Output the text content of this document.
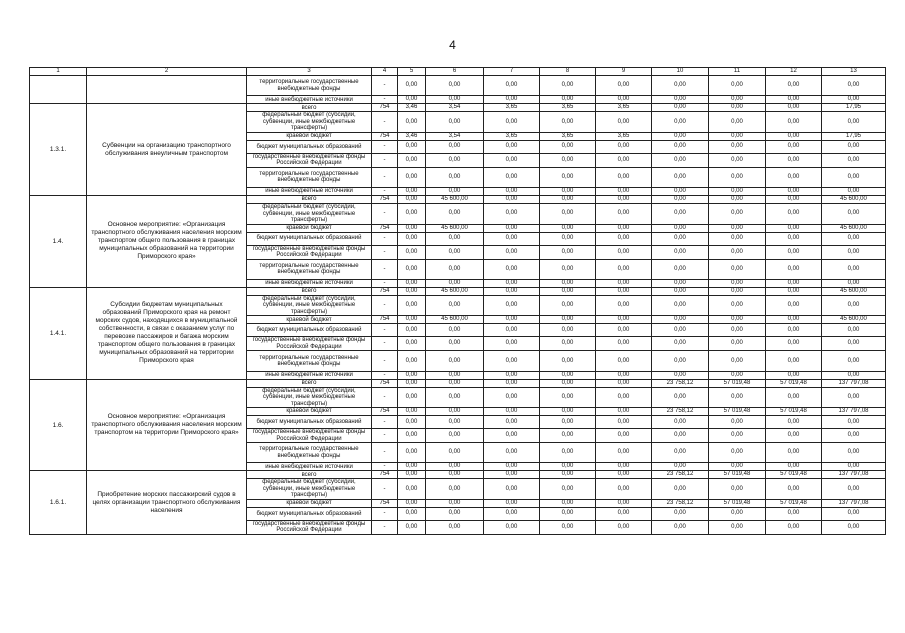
4
1	2	3	4	5	6	7	8	9	10	11	12	13
		территориальные государственные внебюджетные фонды	-	0,00	0,00	0,00	0,00	0,00	0,00	0,00	0,00	0,00
		иные внебюджетные источники	-	0,00	0,00	0,00	0,00	0,00	0,00	0,00	0,00	0,00
1.3.1.	Субвенции на организацию транспортного обслуживания внеуличным транспортом	всего	754	3,46	3,54	3,65	3,65	3,65	0,00	0,00	0,00	17,95
		федеральный бюджет (субсидии, субвенции, иные межбюджетные трансферты)	-	0,00	0,00	0,00	0,00	0,00	0,00	0,00	0,00	0,00
		краевой бюджет	754	3,46	3,54	3,65	3,65	3,65	0,00	0,00	0,00	17,95
		бюджет муниципальных образований	-	0,00	0,00	0,00	0,00	0,00	0,00	0,00	0,00	0,00
		государственные внебюджетные фонды Российской Федерации	-	0,00	0,00	0,00	0,00	0,00	0,00	0,00	0,00	0,00
		территориальные государственные внебюджетные фонды	-	0,00	0,00	0,00	0,00	0,00	0,00	0,00	0,00	0,00
		иные внебюджетные источники	-	0,00	0,00	0,00	0,00	0,00	0,00	0,00	0,00	0,00
1.4.	Основное мероприятие: «Организация транспортного обслуживания населения морским транспортом общего пользования в границах муниципальных образований на территории Приморского края»	всего	754	0,00	45 600,00	0,00	0,00	0,00	0,00	0,00	0,00	45 600,00
		федеральный бюджет (субсидии, субвенции, иные межбюджетные трансферты)	-	0,00	0,00	0,00	0,00	0,00	0,00	0,00	0,00	0,00
		краевой бюджет	754	0,00	45 600,00	0,00	0,00	0,00	0,00	0,00	0,00	45 600,00
		бюджет муниципальных образований	-	0,00	0,00	0,00	0,00	0,00	0,00	0,00	0,00	0,00
		государственные внебюджетные фонды Российской Федерации	-	0,00	0,00	0,00	0,00	0,00	0,00	0,00	0,00	0,00
		территориальные государственные внебюджетные фонды	-	0,00	0,00	0,00	0,00	0,00	0,00	0,00	0,00	0,00
		иные внебюджетные источники	-	0,00	0,00	0,00	0,00	0,00	0,00	0,00	0,00	0,00
1.4.1.	Субсидии бюджетам муниципальных образований Приморского края на ремонт морских судов, находящихся в муниципальной собственности, в связи с оказанием услуг по перевозке пассажиров и багажа морским транспортом общего пользования в границах муниципальных образований на территории Приморского края	всего	754	0,00	45 600,00	0,00	0,00	0,00	0,00	0,00	0,00	45 600,00
		федеральный бюджет (субсидии, субвенции, иные межбюджетные трансферты)	-	0,00	0,00	0,00	0,00	0,00	0,00	0,00	0,00	0,00
		краевой бюджет	754	0,00	45 600,00	0,00	0,00	0,00	0,00	0,00	0,00	45 600,00
		бюджет муниципальных образований	-	0,00	0,00	0,00	0,00	0,00	0,00	0,00	0,00	0,00
		государственные внебюджетные фонды Российской Федерации	-	0,00	0,00	0,00	0,00	0,00	0,00	0,00	0,00	0,00
		территориальные государственные внебюджетные фонды	-	0,00	0,00	0,00	0,00	0,00	0,00	0,00	0,00	0,00
		иные внебюджетные источники	-	0,00	0,00	0,00	0,00	0,00	0,00	0,00	0,00	0,00
1.6.	Основное мероприятие: «Организация транспортного обслуживания населения морским транспортом на территории Приморского края»	всего	754	0,00	0,00	0,00	0,00	0,00	23 758,12	57 019,48	57 019,48	137 797,08
		федеральный бюджет (субсидии, субвенции, иные межбюджетные трансферты)	-	0,00	0,00	0,00	0,00	0,00	0,00	0,00	0,00	0,00
		краевой бюджет	754	0,00	0,00	0,00	0,00	0,00	23 758,12	57 019,48	57 019,48	137 797,08
		бюджет муниципальных образований	-	0,00	0,00	0,00	0,00	0,00	0,00	0,00	0,00	0,00
		государственные внебюджетные фонды Российской Федерации	-	0,00	0,00	0,00	0,00	0,00	0,00	0,00	0,00	0,00
		территориальные государственные внебюджетные фонды	-	0,00	0,00	0,00	0,00	0,00	0,00	0,00	0,00	0,00
		иные внебюджетные источники	-	0,00	0,00	0,00	0,00	0,00	0,00	0,00	0,00	0,00
1.6.1.	Приобретение морских пассажирский судов в целях организации транспортного обслуживания населения	всего	754	0,00	0,00	0,00	0,00	0,00	23 758,12	57 019,48	57 019,48	137 797,08
		федеральный бюджет (субсидии, субвенции, иные межбюджетные трансферты)	-	0,00	0,00	0,00	0,00	0,00	0,00	0,00	0,00	0,00
		краевой бюджет	754	0,00	0,00	0,00	0,00	0,00	23 758,12	57 019,48	57 019,48	137 797,08
		бюджет муниципальных образований	-	0,00	0,00	0,00	0,00	0,00	0,00	0,00	0,00	0,00
		государственные внебюджетные фонды Российской Федерации	-	0,00	0,00	0,00	0,00	0,00	0,00	0,00	0,00	0,00
